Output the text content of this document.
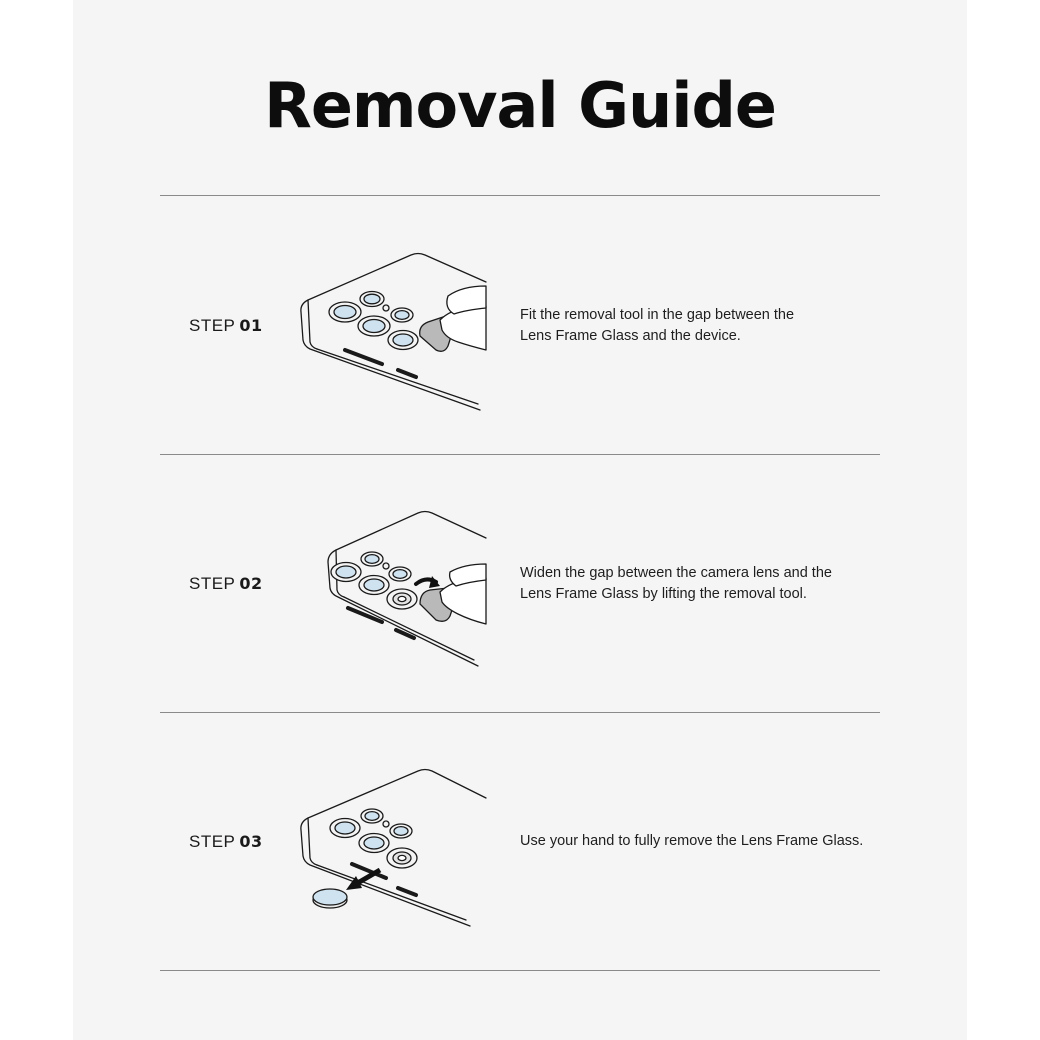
Removal Guide
STEP 01
Fit the removal tool in the gap between the
Lens Frame Glass and the device.
STEP 02
Widen the gap between the camera lens and the
Lens Frame Glass by lifting the removal tool.
STEP 03	Use your hand to fully remove the Lens Frame Glass.
